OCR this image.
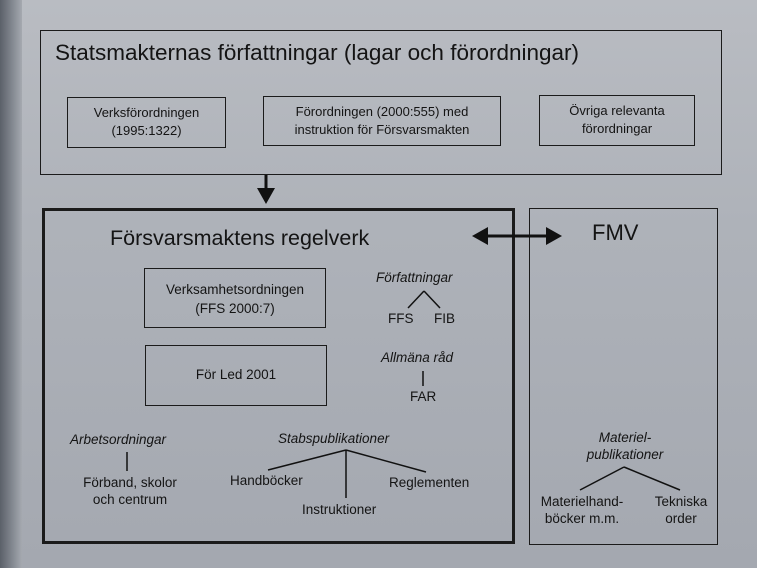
Statsmakternas författningar (lagar och förordningar)
Verksförordningen
(1995:1322)
Förordningen (2000:555) med
instruktion för Försvarsmakten
Övriga relevanta
förordningar
Försvarsmaktens regelverk
Verksamhetsordningen
(FFS 2000:7)
För Led 2001
Författningar
FFS FIB
Allmäna råd
FAR
Arbetsordningar
Förband, skolor
och centrum
Stabspublikationer
Handböcker
Instruktioner
Reglementen
FMV
Materiel-
publikationer
Materielhand-
böcker m.m.
Tekniska
order
